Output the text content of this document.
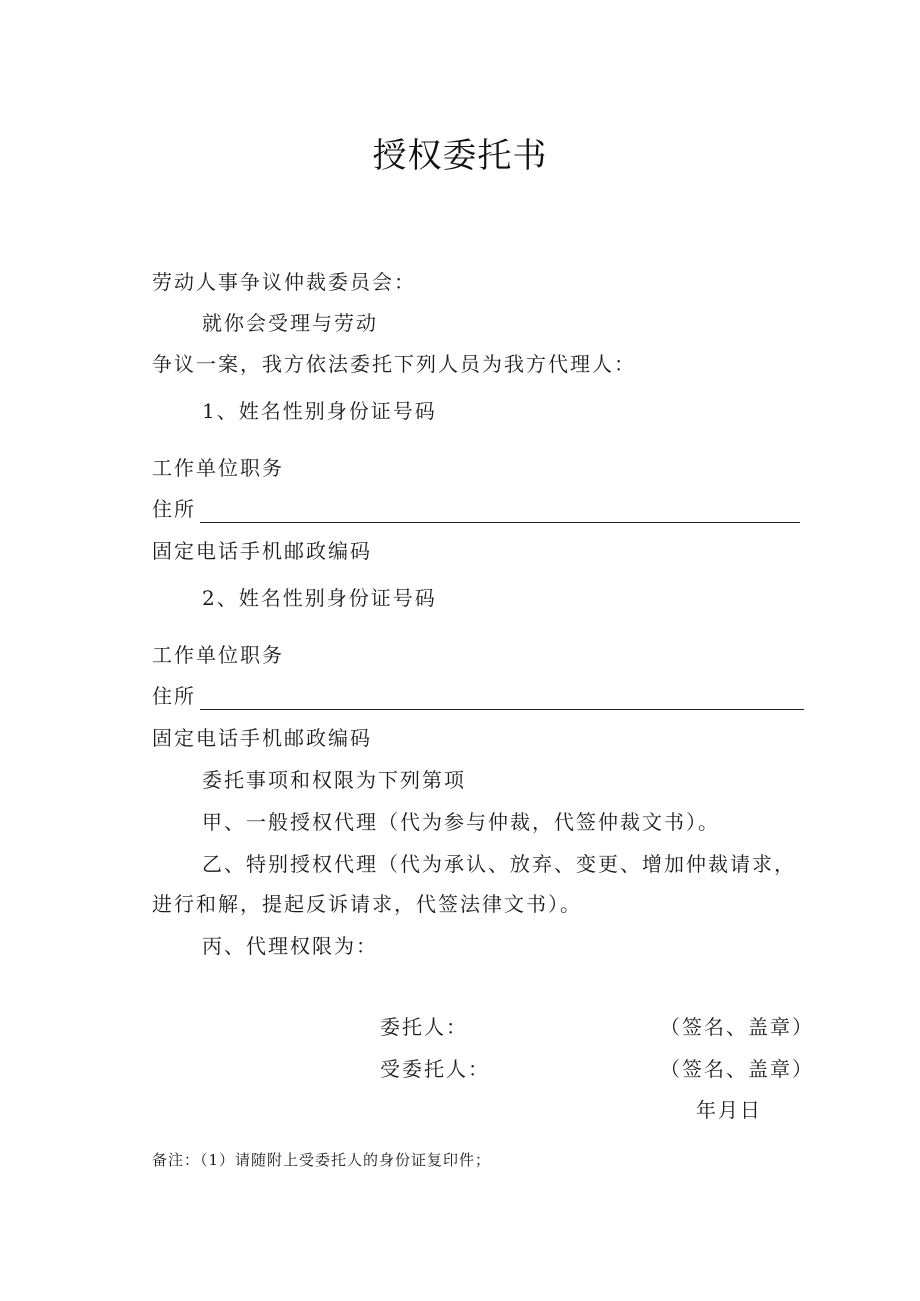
授权委托书
劳动人事争议仲裁委员会：
就你会受理与劳动
争议一案，我方依法委托下列人员为我方代理人：
1、姓名性别身份证号码
工作单位职务
住所
固定电话手机邮政编码
2、姓名性别身份证号码
工作单位职务
住所
固定电话手机邮政编码
委托事项和权限为下列第项
甲、一般授权代理（代为参与仲裁，代签仲裁文书）。
乙、特别授权代理（代为承认、放弃、变更、增加仲裁请求，
进行和解，提起反诉请求，代签法律文书）。
丙、代理权限为：
委托人：	（签名、盖章）
受委托人：	（签名、盖章）
年月日
备注：（1）请随附上受委托人的身份证复印件；
